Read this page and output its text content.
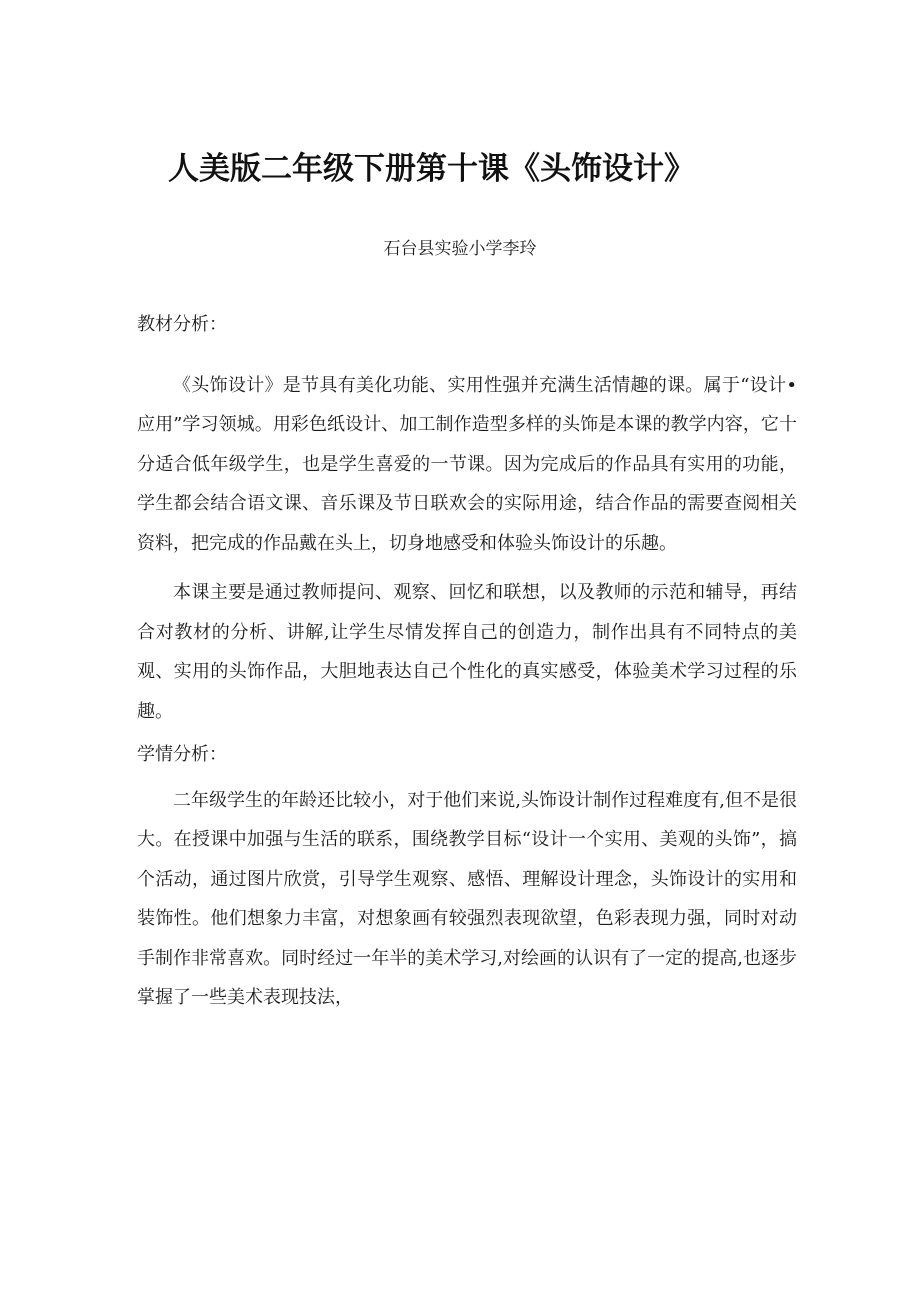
人美版二年级下册第十课《头饰设计》
石台县实验小学李玲

教材分析：

《头饰设计》是节具有美化功能、实用性强并充满生活情趣的课。属于“设计•应用”学习领城。用彩色纸设计、加工制作造型多样的头饰是本课的教学内容，它十分适合低年级学生，也是学生喜爱的一节课。因为完成后的作品具有实用的功能，学生都会结合语文课、音乐课及节日联欢会的实际用途，结合作品的需要查阅相关资料，把完成的作品戴在头上，切身地感受和体验头饰设计的乐趣。

本课主要是通过教师提问、观察、回忆和联想，以及教师的示范和辅导，再结合对教材的分析、讲解,让学生尽情发挥自己的创造力，制作出具有不同特点的美观、实用的头饰作品，大胆地表达自己个性化的真实感受，体验美术学习过程的乐趣。

学情分析：

二年级学生的年龄还比较小，对于他们来说,头饰设计制作过程难度有,但不是很大。在授课中加强与生活的联系，围绕教学目标“设计一个实用、美观的头饰”，搞个活动，通过图片欣赏，引导学生观察、感悟、理解设计理念，头饰设计的实用和装饰性。他们想象力丰富，对想象画有较强烈表现欲望，色彩表现力强，同时对动手制作非常喜欢。同时经过一年半的美术学习,对绘画的认识有了一定的提高,也逐步掌握了一些美术表现技法，
